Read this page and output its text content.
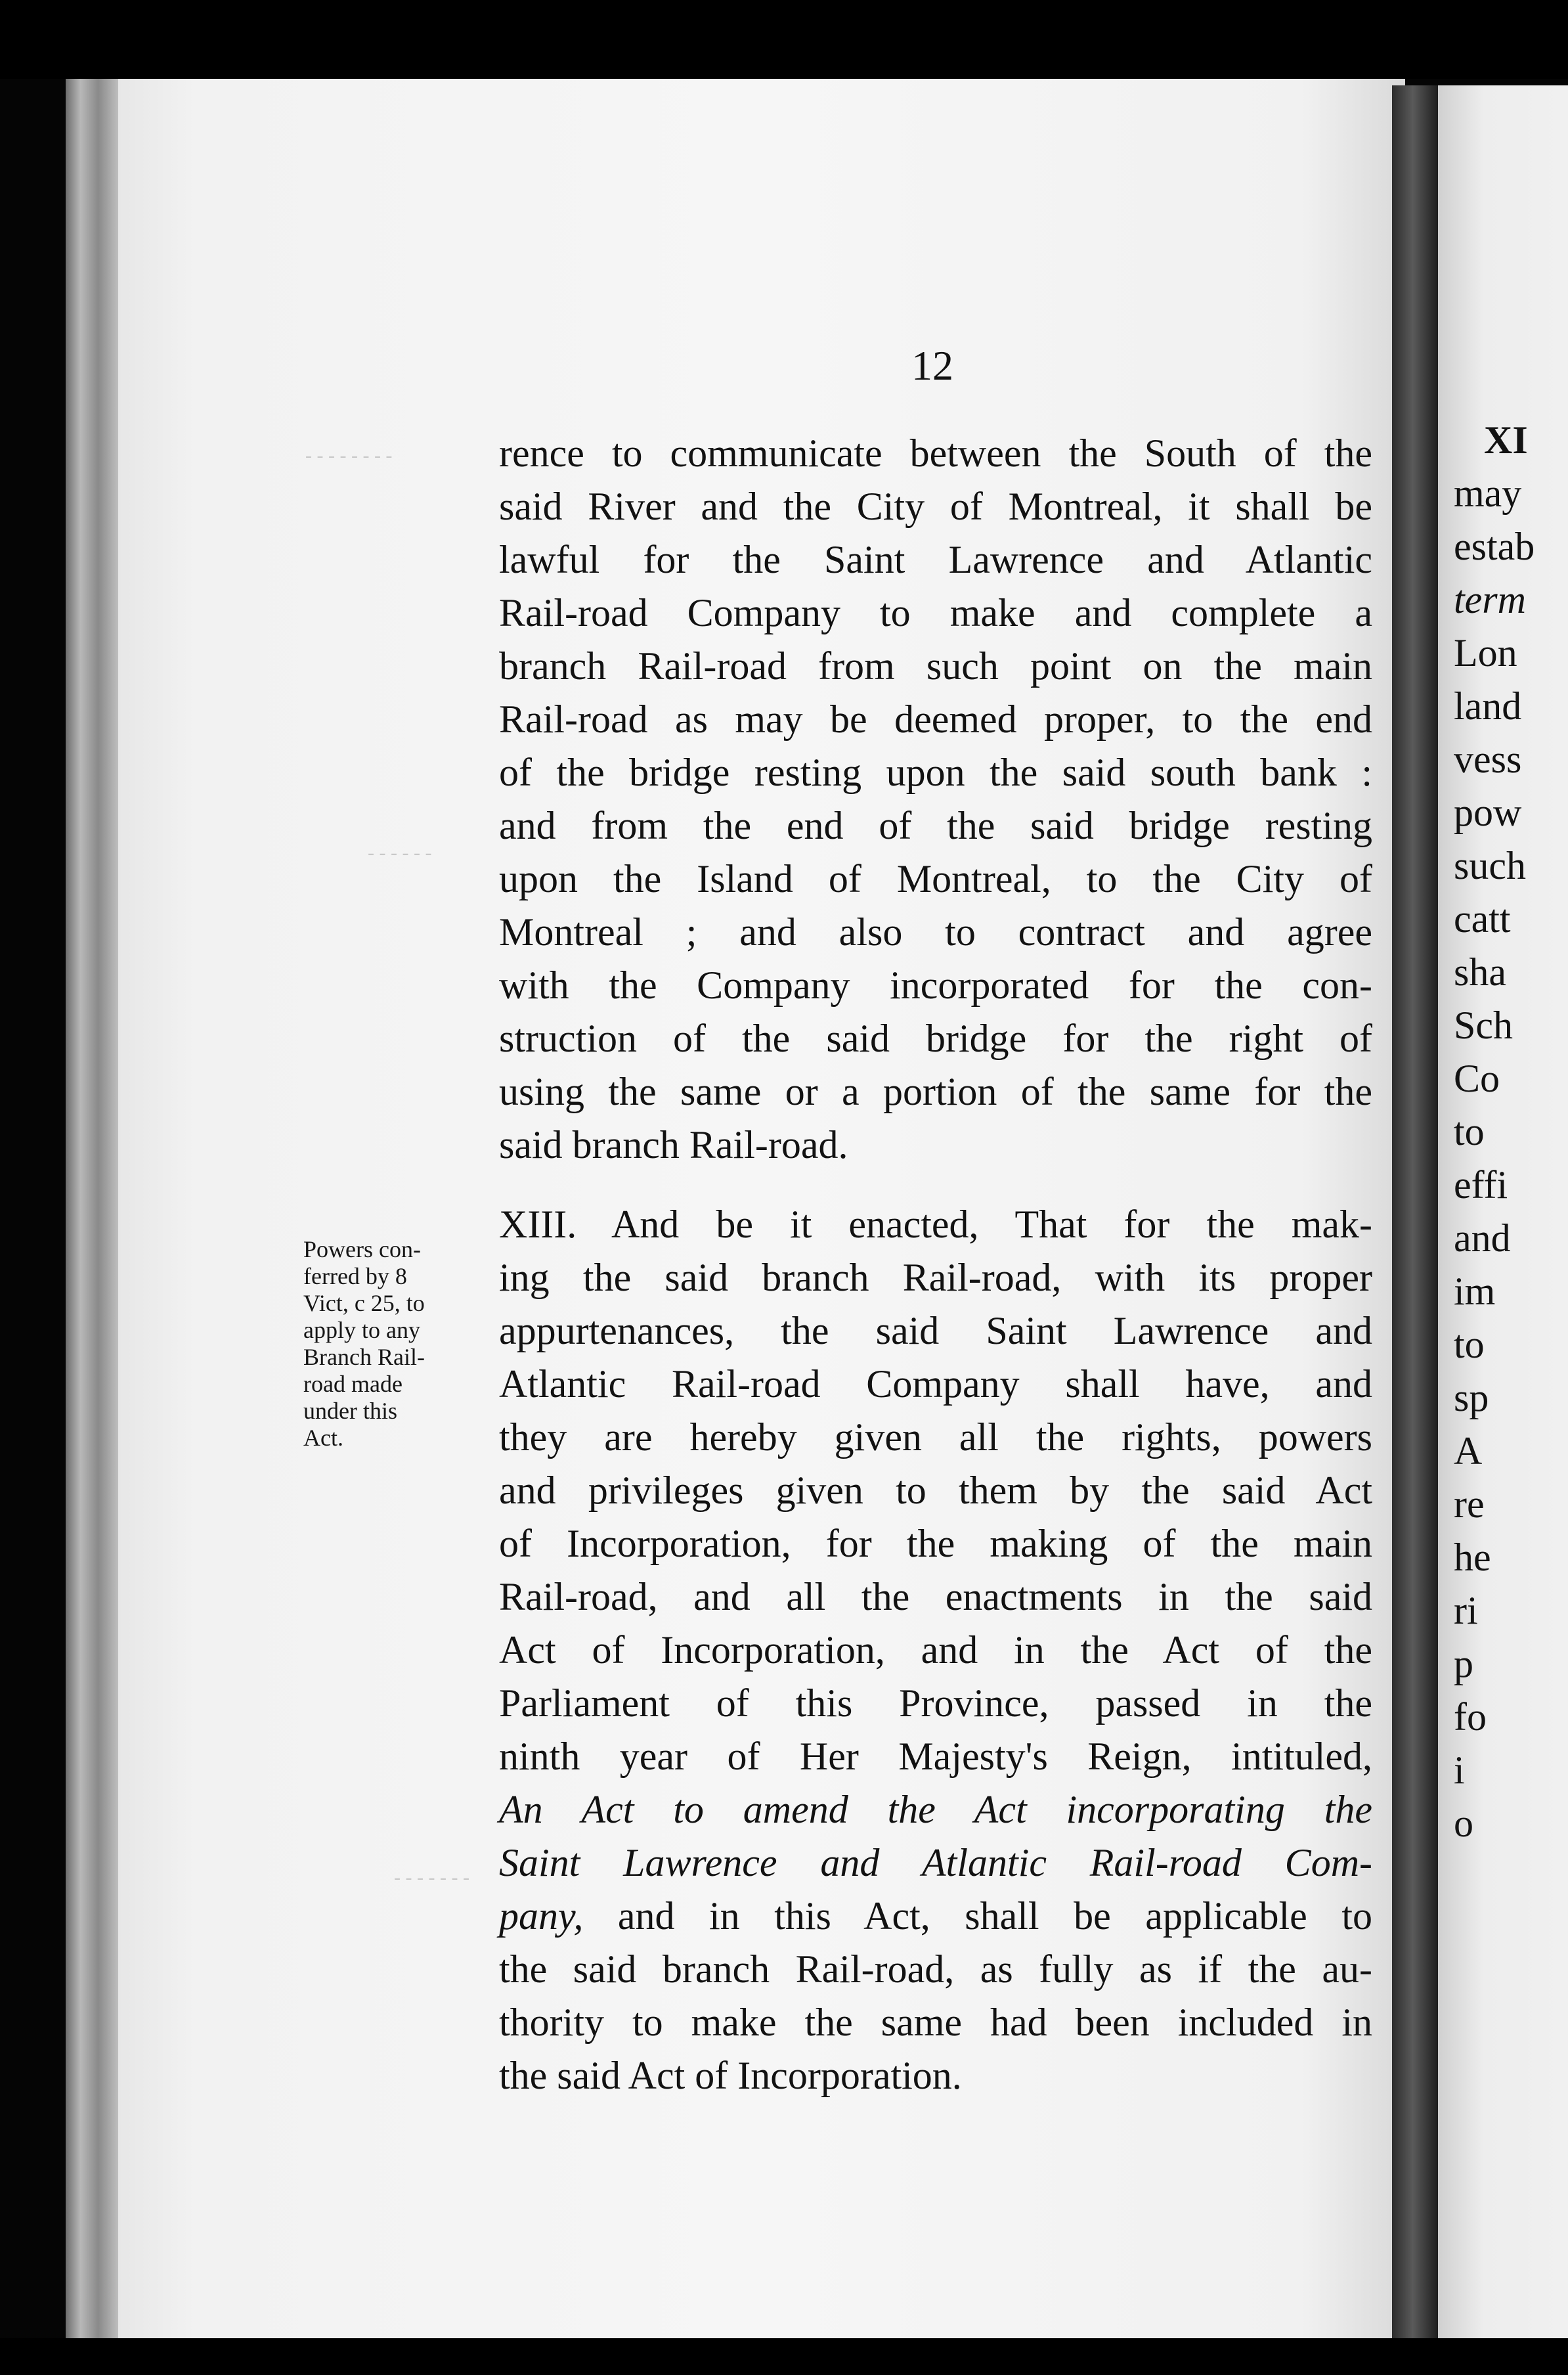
- - - - - - - -
- - - - - -
- - - - - - -
12
Powers con-
ferred by 8
Vict, c 25, to
apply to any
Branch Rail-
road made
under this
Act.
rence to communicate between the South of the
said River and the City of Montreal, it shall be
lawful for the Saint Lawrence and Atlantic
Rail-road Company to make and complete a
branch Rail-road from such point on the main
Rail-road as may be deemed proper, to the end
of the bridge resting upon the said south bank :
and from the end of the said bridge resting
upon the Island of Montreal, to the City of
Montreal ; and also to contract and agree
with the Company incorporated for the con-
struction of the said bridge for the right of
using the same or a portion of the same for the
said branch Rail-road.
XIII. And be it enacted, That for the mak-
ing the said branch Rail-road, with its proper
appurtenances, the said Saint Lawrence and
Atlantic Rail-road Company shall have, and
they are hereby given all the rights, powers
and privileges given to them by the said Act
of Incorporation, for the making of the main
Rail-road, and all the enactments in the said
Act of Incorporation, and in the Act of the
Parliament of this Province, passed in the
ninth year of Her Majesty's Reign, intituled,
An Act to amend the Act incorporating the
Saint Lawrence and Atlantic Rail-road Com-
pany, and in this Act, shall be applicable to
the said branch Rail-road, as fully as if the au-
thority to make the same had been included in
the said Act of Incorporation.
XI
may
estab
term
Lon
land
vess
pow
such
catt
sha
Sch
Co
to
effi
and
im
to
sp
A
re
he
ri
p
fo
i
o
